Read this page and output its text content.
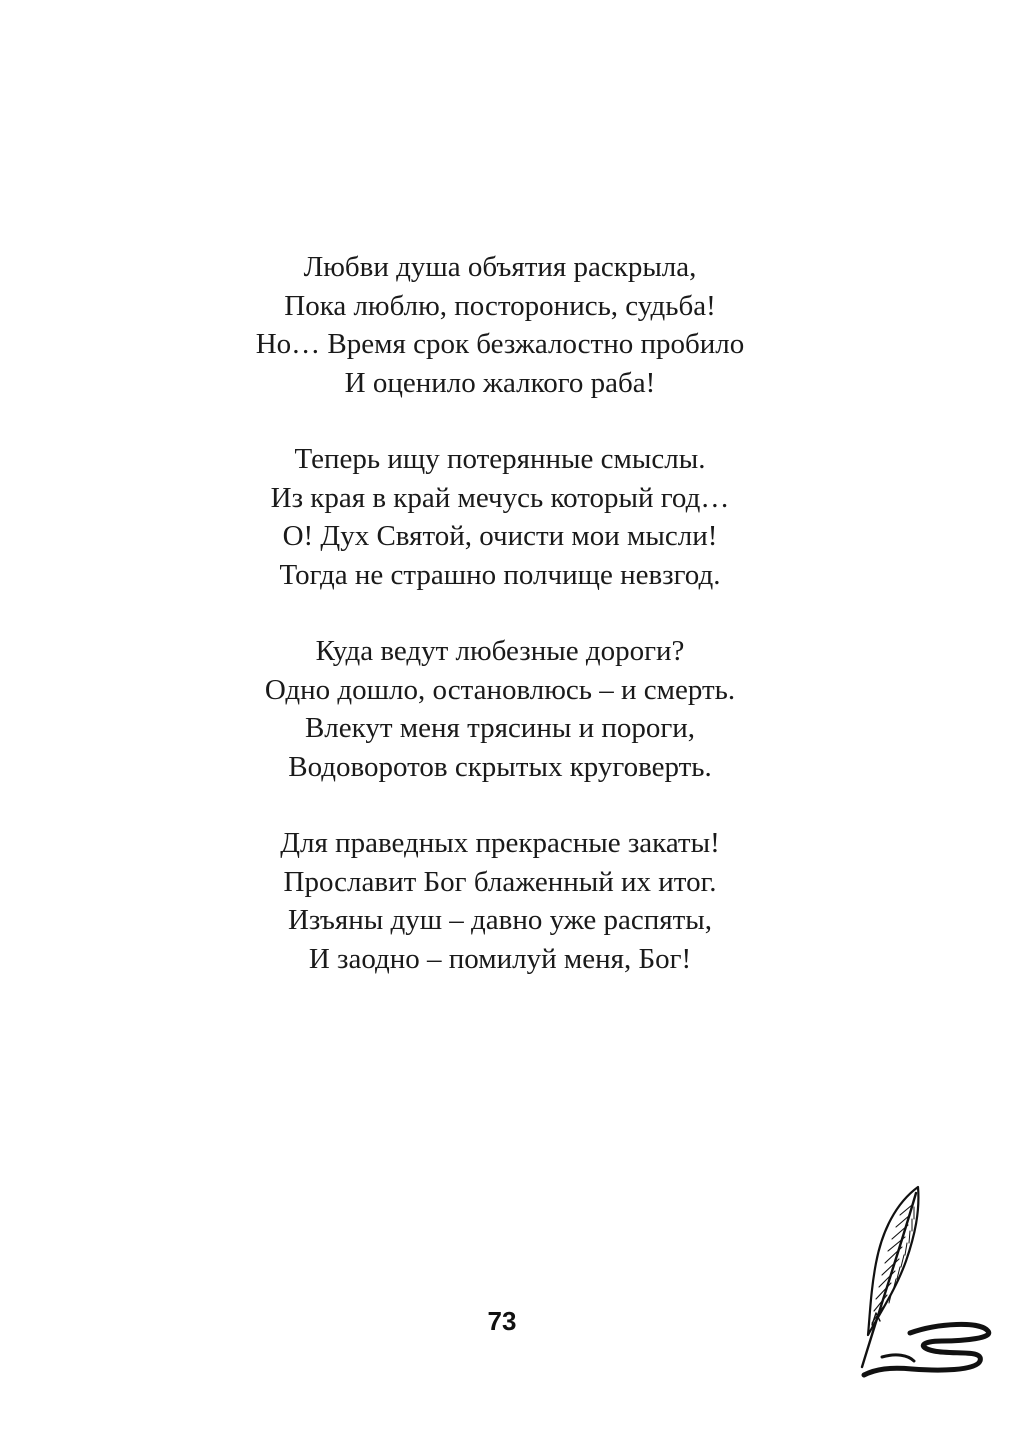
Любви душа объятия раскрыла,
Пока люблю, посторонись, судьба!
Но… Время срок безжалостно пробило
И оценило жалкого раба!

Теперь ищу потерянные смыслы.
Из края в край мечусь который год…
О! Дух Святой, очисти мои мысли!
Тогда не страшно полчище невзгод.

Куда ведут любезные дороги?
Одно дошло, остановлюсь – и смерть.
Влекут меня трясины и пороги,
Водоворотов скрытых круговерть.

Для праведных прекрасные закаты!
Прославит Бог блаженный их итог.
Изъяны душ – давно уже распяты,
И заодно – помилуй меня, Бог!

73
